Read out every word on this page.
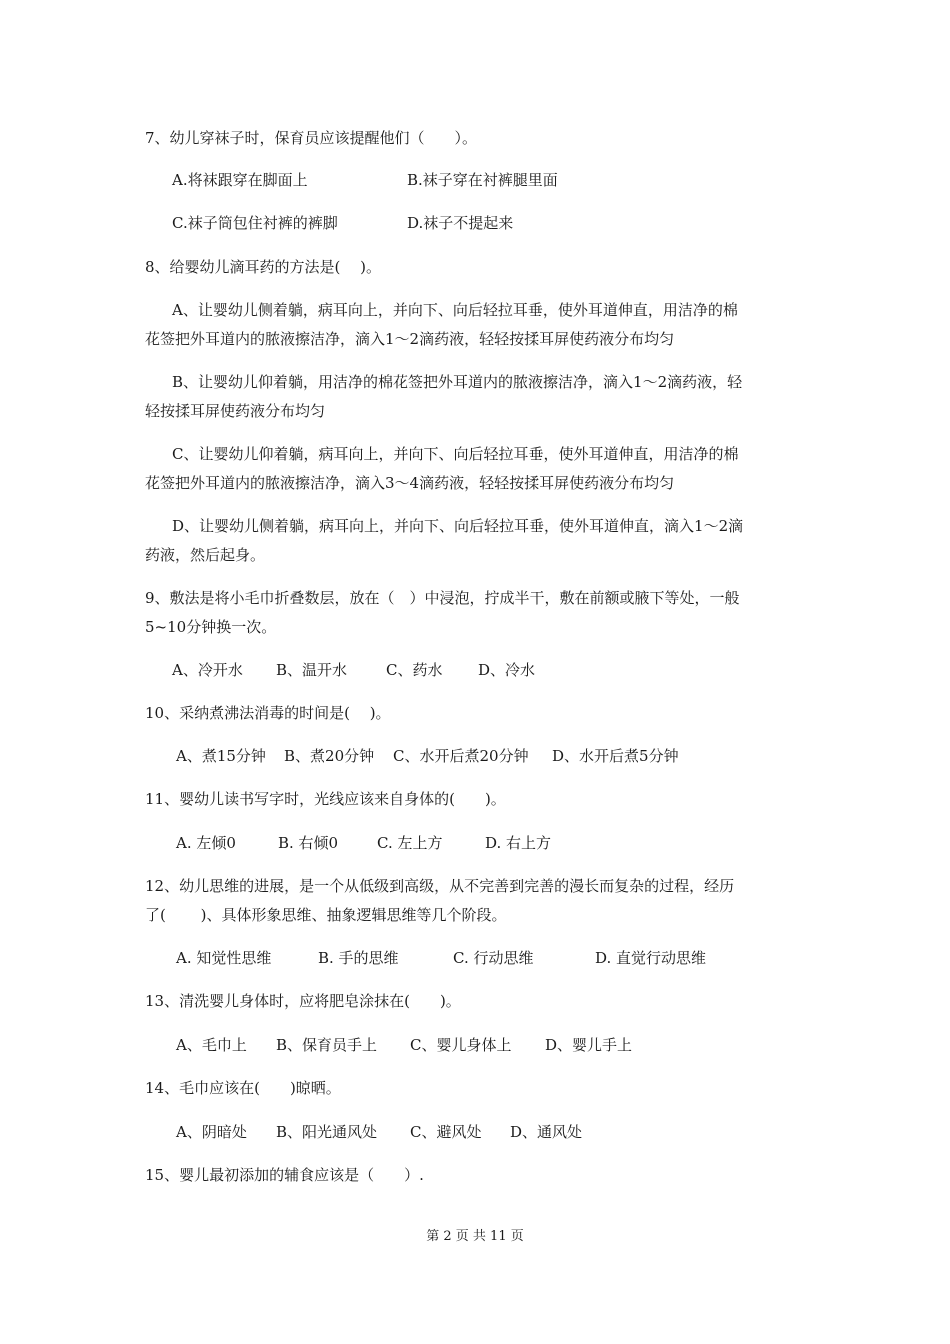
7、幼儿穿袜子时，保育员应该提醒他们（　　）。
A.将袜跟穿在脚面上	B.袜子穿在衬裤腿里面
C.袜子筒包住衬裤的裤脚	D.袜子不提起来
8、给婴幼儿滴耳药的方法是(　 )。
A、让婴幼儿侧着躺，病耳向上，并向下、向后轻拉耳垂，使外耳道伸直，用洁净的棉
花签把外耳道内的脓液擦洁净，滴入1～2滴药液，轻轻按揉耳屏使药液分布均匀
B、让婴幼儿仰着躺，用洁净的棉花签把外耳道内的脓液擦洁净，滴入1～2滴药液，轻
轻按揉耳屏使药液分布均匀
C、让婴幼儿仰着躺，病耳向上，并向下、向后轻拉耳垂，使外耳道伸直，用洁净的棉
花签把外耳道内的脓液擦洁净，滴入3～4滴药液，轻轻按揉耳屏使药液分布均匀
D、让婴幼儿侧着躺，病耳向上，并向下、向后轻拉耳垂，使外耳道伸直，滴入1～2滴
药液，然后起身。
9、敷法是将小毛巾折叠数层，放在（　）中浸泡，拧成半干，敷在前额或腋下等处，一般
5~10分钟换一次。
A、冷开水 B、温开水	C、药水 D、冷水
10、采纳煮沸法消毒的时间是(　 )。
A、煮15分钟 B、煮20分钟 C、水开后煮20分钟 D、水开后煮5分钟
11、婴幼儿读书写字时，光线应该来自身体的(　　)。
A. 左倾0	B. 右倾0	C. 左上方	D. 右上方
12、幼儿思维的进展，是一个从低级到高级，从不完善到完善的漫长而复杂的过程，经历
了(　　 )、具体形象思维、抽象逻辑思维等几个阶段。
A. 知觉性思维	B. 手的思维	C. 行动思维	D. 直觉行动思维
13、清洗婴儿身体时，应将肥皂涂抹在(　　)。
A、毛巾上 B、保育员手上 C、婴儿身体上 D、婴儿手上
14、毛巾应该在(　　)晾晒。
A、阴暗处 B、阳光通风处 C、避风处 D、通风处
15、婴儿最初添加的辅食应该是（　　）.
第 2 页 共 11 页
